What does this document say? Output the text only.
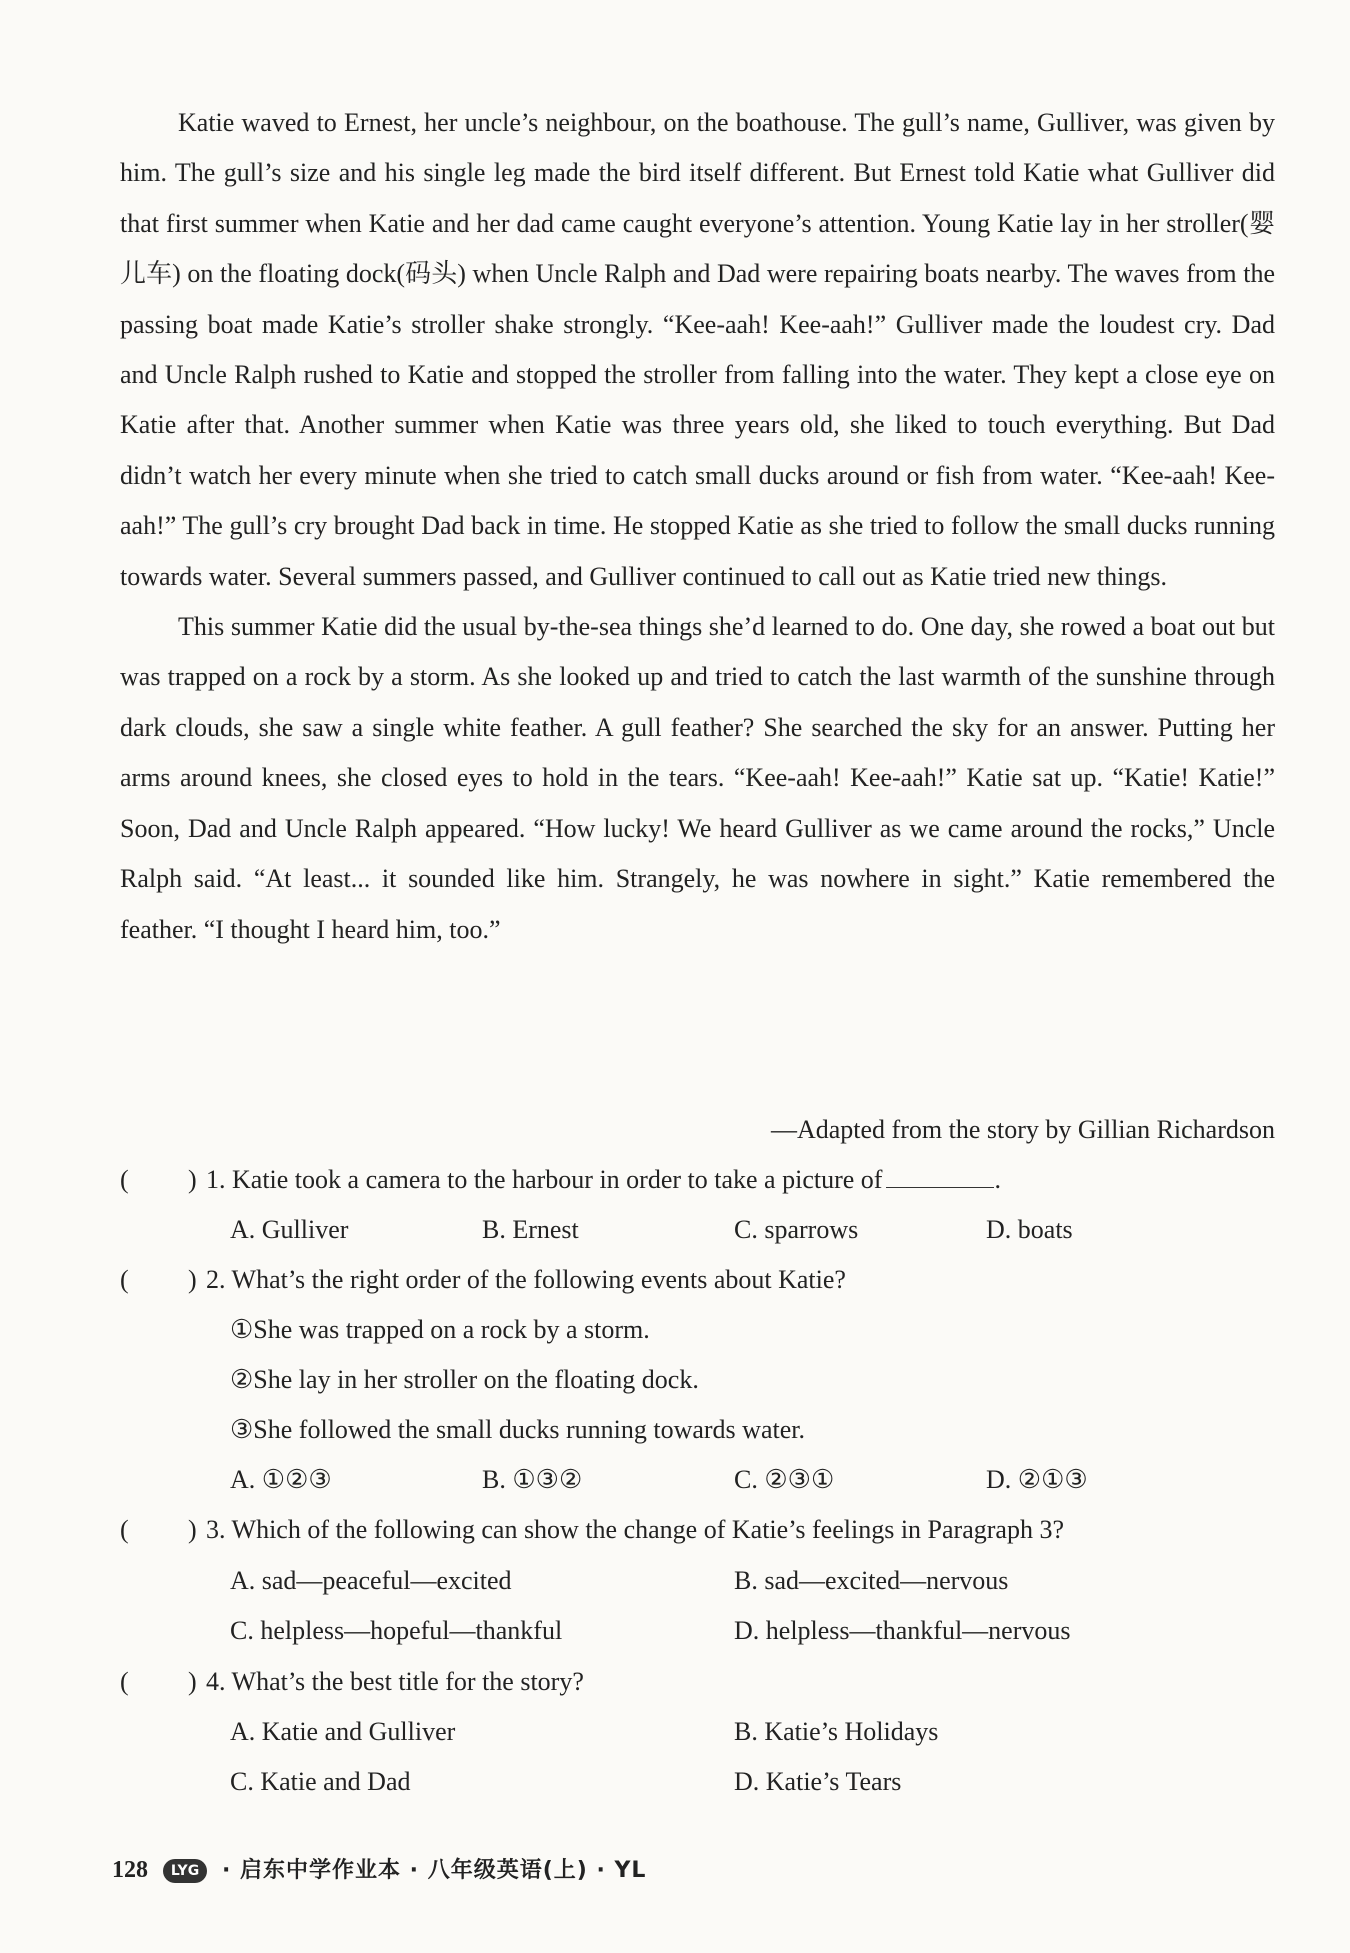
Katie waved to Ernest, her uncle’s neighbour, on the boathouse. The gull’s name, Gulliver, was given by him. The gull’s size and his single leg made the bird itself different. But Ernest told Katie what Gulliver did that first summer when Katie and her dad came caught everyone’s attention. Young Katie lay in her stroller(婴儿车) on the floating dock(码头) when Uncle Ralph and Dad were repairing boats nearby. The waves from the passing boat made Katie’s stroller shake strongly. “Kee-aah! Kee-aah!” Gulliver made the loudest cry. Dad and Uncle Ralph rushed to Katie and stopped the stroller from falling into the water. They kept a close eye on Katie after that. Another summer when Katie was three years old, she liked to touch everything. But Dad didn’t watch her every minute when she tried to catch small ducks around or fish from water. “Kee-aah! Kee-aah!” The gull’s cry brought Dad back in time. He stopped Katie as she tried to follow the small ducks running towards water. Several summers passed, and Gulliver continued to call out as Katie tried new things.

This summer Katie did the usual by-the-sea things she’d learned to do. One day, she rowed a boat out but was trapped on a rock by a storm. As she looked up and tried to catch the last warmth of the sunshine through dark clouds, she saw a single white feather. A gull feather? She searched the sky for an answer. Putting her arms around knees, she closed eyes to hold in the tears. “Kee-aah! Kee-aah!” Katie sat up. “Katie! Katie!” Soon, Dad and Uncle Ralph appeared. “How lucky! We heard Gulliver as we came around the rocks,” Uncle Ralph said. “At least... it sounded like him. Strangely, he was nowhere in sight.” Katie remembered the feather. “I thought I heard him, too.”

—Adapted from the story by Gillian Richardson
( ) 1. Katie took a camera to the harbour in order to take a picture of	.
A. Gulliver	B. Ernest	C. sparrows	D. boats
( ) 2. What’s the right order of the following events about Katie?
①She was trapped on a rock by a storm.
②She lay in her stroller on the floating dock.
③She followed the small ducks running towards water.
A. ①②③	B. ①③②	C. ②③①	D. ②①③
( ) 3. Which of the following can show the change of Katie’s feelings in Paragraph 3?
A. sad—peaceful—excited	B. sad—excited—nervous
C. helpless—hopeful—thankful	D. helpless—thankful—nervous
( ) 4. What’s the best title for the story?
A. Katie and Gulliver	B. Katie’s Holidays
C. Katie and Dad	D. Katie’s Tears
128 LYG · 启东中学作业本 · 八年级英语(上) · YL
